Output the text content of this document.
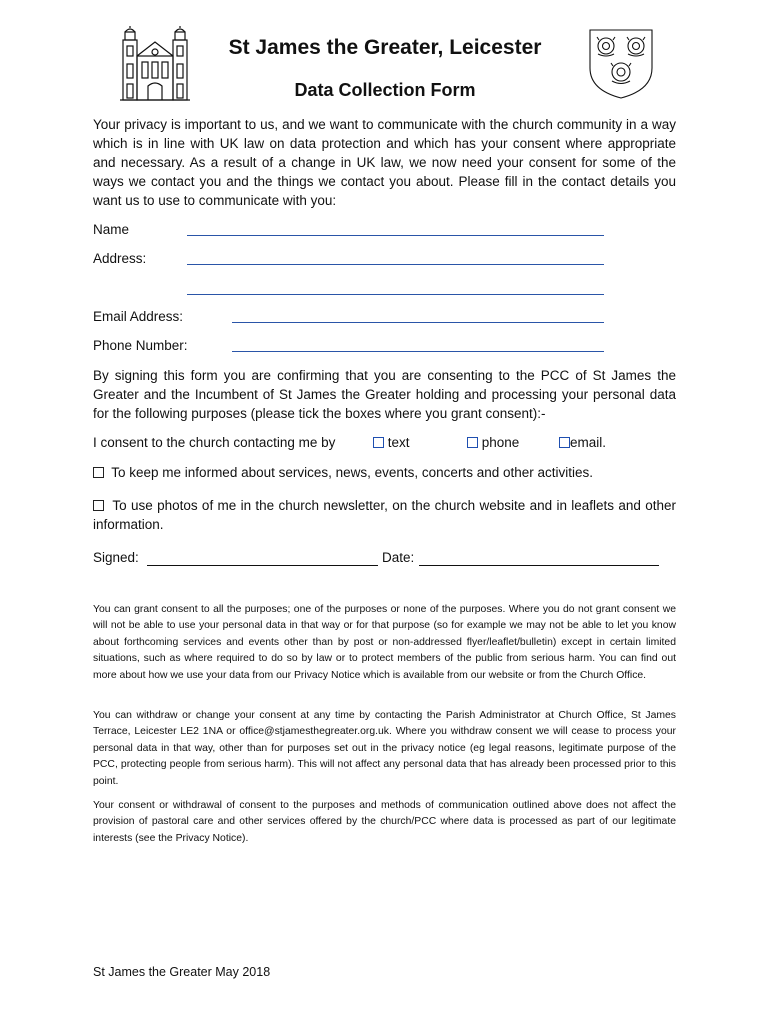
St James the Greater, Leicester
Data Collection Form
Your privacy is important to us, and we want to communicate with the church community in a way which is in line with UK law on data protection and which has your consent where appropriate and necessary. As a result of a change in UK law, we now need your consent for some of the ways we contact you and the things we contact you about. Please fill in the contact details you want us to use to communicate with you:
Name
Address:
Email Address:
Phone Number:
By signing this form you are confirming that you are consenting to the PCC of St James the Greater and the Incumbent of St James the Greater holding and processing your personal data for the following purposes (please tick the boxes where you grant consent):-
I consent to the church contacting me by	text	phone	email.
To keep me informed about services, news, events, concerts and other activities.
To use photos of me in the church newsletter, on the church website and in leaflets and other information.
Signed:	Date:
You can grant consent to all the purposes; one of the purposes or none of the purposes. Where you do not grant consent we will not be able to use your personal data in that way or for that purpose (so for example we may not be able to let you know about forthcoming services and events other than by post or non-addressed flyer/leaflet/bulletin) except in certain limited situations, such as where required to do so by law or to protect members of the public from serious harm. You can find out more about how we use your data from our Privacy Notice which is available from our website or from the Church Office.
You can withdraw or change your consent at any time by contacting the Parish Administrator at Church Office, St James Terrace, Leicester LE2 1NA or office@stjamesthegreater.org.uk. Where you withdraw consent we will cease to process your personal data in that way, other than for purposes set out in the privacy notice (eg legal reasons, legitimate purpose of the PCC, protecting people from serious harm). This will not affect any personal data that has already been processed prior to this point.
Your consent or withdrawal of consent to the purposes and methods of communication outlined above does not affect the provision of pastoral care and other services offered by the church/PCC where data is processed as part of our legitimate interests (see the Privacy Notice).
St James the Greater May 2018
